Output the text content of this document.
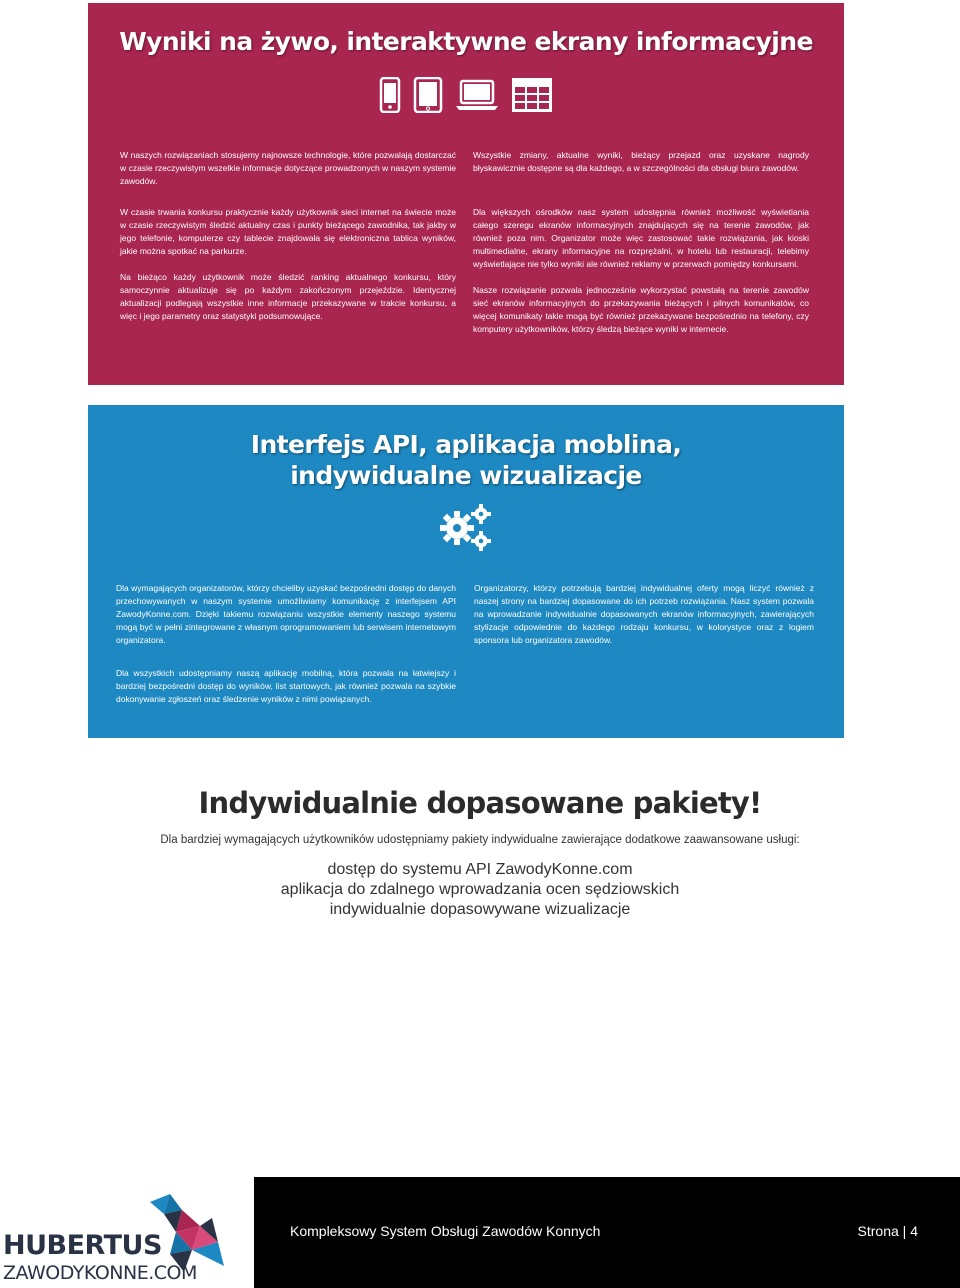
Wyniki na żywo, interaktywne ekrany informacyjne

W naszych rozwiązaniach stosujemy najnowsze technologie, które pozwalają dostarczać w czasie rzeczywistym wszelkie informacje dotyczące prowadzonych w naszym systemie zawodów.

Wszystkie zmiany, aktualne wyniki, bieżący przejazd oraz uzyskane nagrody błyskawicznie dostępne są dla każdego, a w szczególności dla obsługi biura zawodów.

W czasie trwania konkursu praktycznie każdy użytkownik sieci internet na świecie może w czasie rzeczywistym śledzić aktualny czas i punkty bieżącego zawodnika, tak jakby w jego telefonie, komputerze czy tablecie znajdowała się elektroniczna tablica wyników, jakie można spotkać na parkurze.

Na bieżąco każdy użytkownik może śledzić ranking aktualnego konkursu, który samoczynnie aktualizuje się po każdym zakończonym przejeździe. Identycznej aktualizacji podlegają wszystkie inne informacje przekazywane w trakcie konkursu, a więc i jego parametry oraz statystyki podsumowujące.

Dla większych ośrodków nasz system udostępnia również możliwość wyświetlania całego szeregu ekranów informacyjnych znajdujących się na terenie zawodów, jak również poza nim. Organizator może więc zastosować takie rozwiązania, jak kioski multimedialne, ekrany informacyjne na rozprężalni, w hotelu lub restauracji, telebimy wyświetlające nie tylko wyniki ale również reklamy w przerwach pomiędzy konkursami.

Nasze rozwiązanie pozwala jednocześnie wykorzystać powstałą na terenie zawodów sieć ekranów informacyjnych do przekazywania bieżących i pilnych komunikatów, co więcej komunikaty takie mogą być również przekazywane bezpośrednio na telefony, czy komputery użytkowników, którzy śledzą bieżące wyniki w internecie.

Interfejs API, aplikacja moblina,
indywidualne wizualizacje

Dla wymagających organizatorów, którzy chcieliby uzyskać bezpośredni dostęp do danych przechowywanych w naszym systemie umożliwiamy komunikację z interfejsem API ZawodyKonne.com. Dzięki takiemu rozwiązaniu wszystkie elementy naszego systemu mogą być w pełni zintegrowane z własnym oprogramowaniem lub serwisem internetowym organizatora.

Organizatorzy, którzy potrzebują bardziej indywidualnej oferty mogą liczyć również z naszej strony na bardziej dopasowane do ich potrzeb rozwiązania. Nasz system pozwala na wprowadzanie indywidualnie dopasowanych ekranów informacyjnych, zawierających stylizacje odpowiednie do każdego rodzaju konkursu, w kolorystyce oraz z logiem sponsora lub organizatora zawodów.

Dla wszystkich udostępniamy naszą aplikację mobilną, która pozwala na łatwiejszy i bardziej bezpośredni dostęp do wyników, list startowych, jak również pozwala na szybkie dokonywanie zgłoszeń oraz śledzenie wyników z nimi powiązanych.

Indywidualnie dopasowane pakiety!
Dla bardziej wymagających użytkowników udostępniamy pakiety indywidualne zawierające dodatkowe zaawansowane usługi:
dostęp do systemu API ZawodyKonne.com
aplikacja do zdalnego wprowadzania ocen sędziowskich
indywidualnie dopasowywane wizualizacje
HUBERTUS
ZAWODYKONNE.COM
Kompleksowy System Obsługi Zawodów Konnych	Strona | 4
